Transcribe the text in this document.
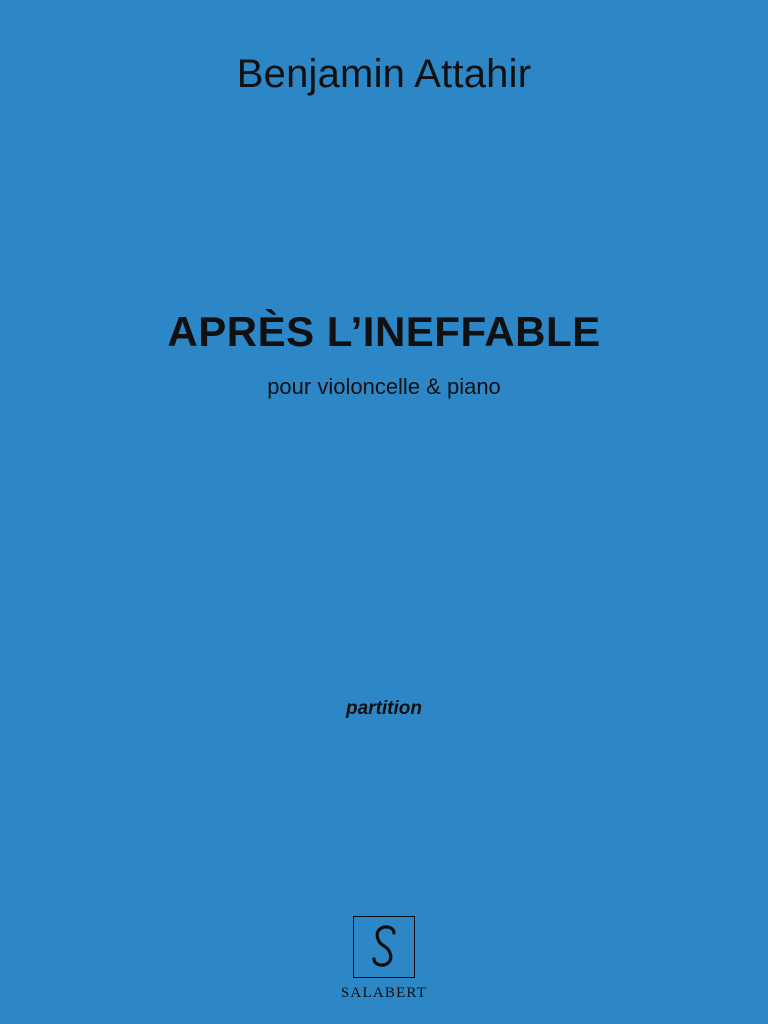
Benjamin Attahir
APRÈS L’INEFFABLE
pour violoncelle & piano
partition
SALABERT
